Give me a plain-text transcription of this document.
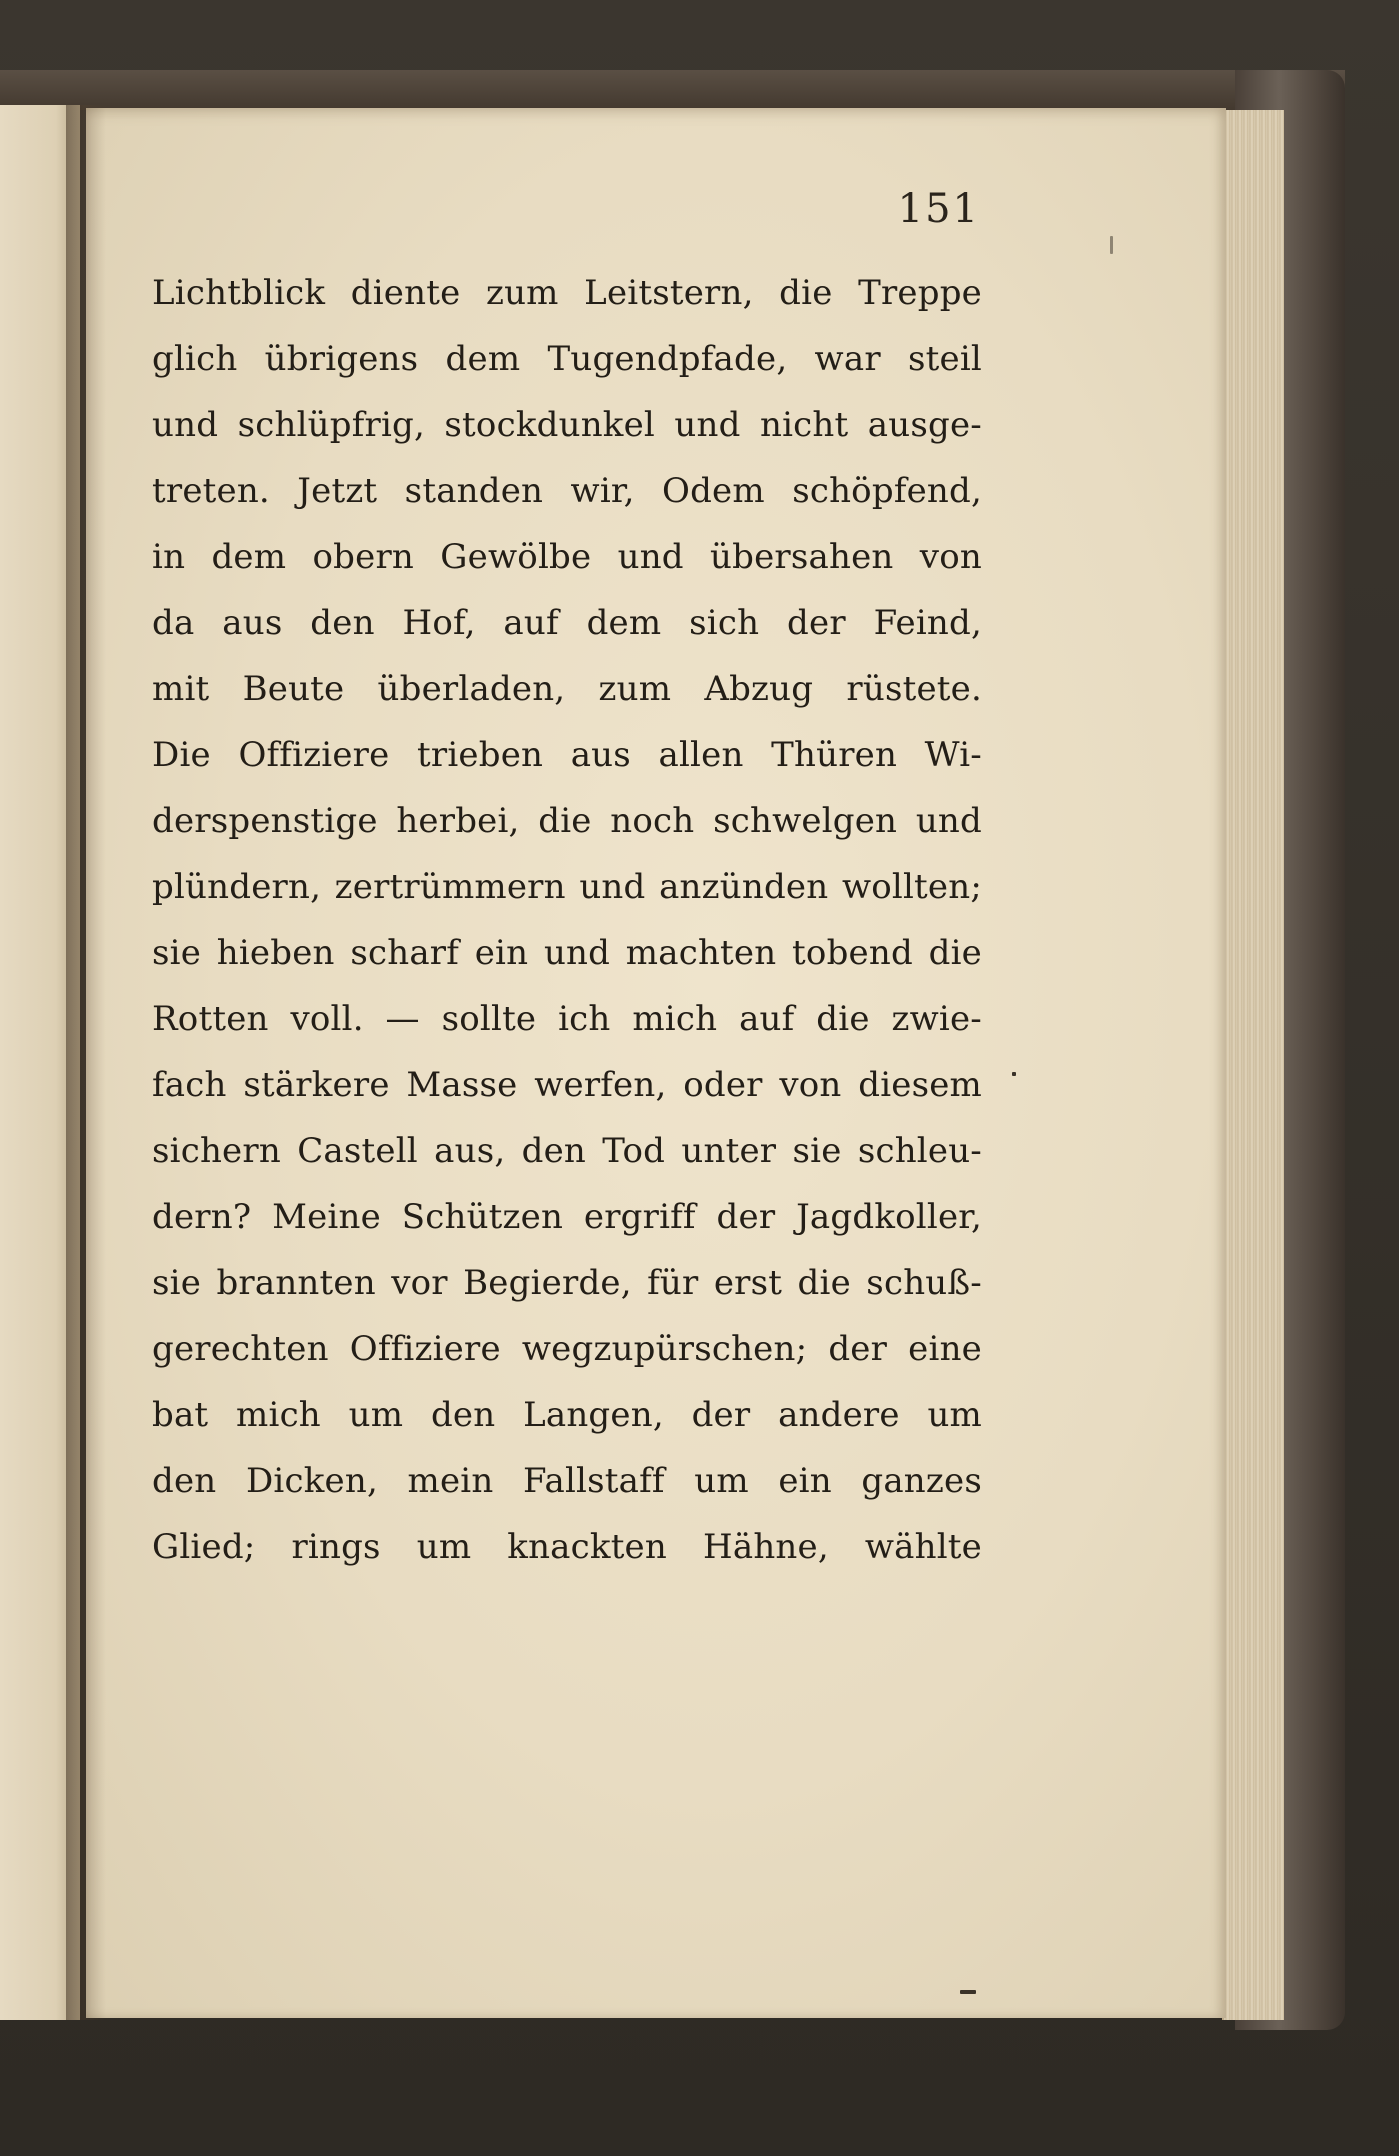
151
Lichtblick diente zum Leitstern, die Treppe
glich übrigens dem Tugendpfade, war steil
und schlüpfrig, stockdunkel und nicht ausge-
treten. Jetzt standen wir, Odem schöpfend,
in dem obern Gewölbe und übersahen von
da aus den Hof, auf dem sich der Feind,
mit Beute überladen, zum Abzug rüstete.
Die Offiziere trieben aus allen Thüren Wi-
derspenstige herbei, die noch schwelgen und
plündern, zertrümmern und anzünden wollten;
sie hieben scharf ein und machten tobend die
Rotten voll. — sollte ich mich auf die zwie-
fach stärkere Masse werfen, oder von diesem
sichern Castell aus, den Tod unter sie schleu-
dern? Meine Schützen ergriff der Jagdkoller,
sie brannten vor Begierde, für erst die schuß-
gerechten Offiziere wegzupürschen; der eine
bat mich um den Langen, der andere um
den Dicken, mein Fallstaff um ein ganzes
Glied; rings um knackten Hähne, wählte
